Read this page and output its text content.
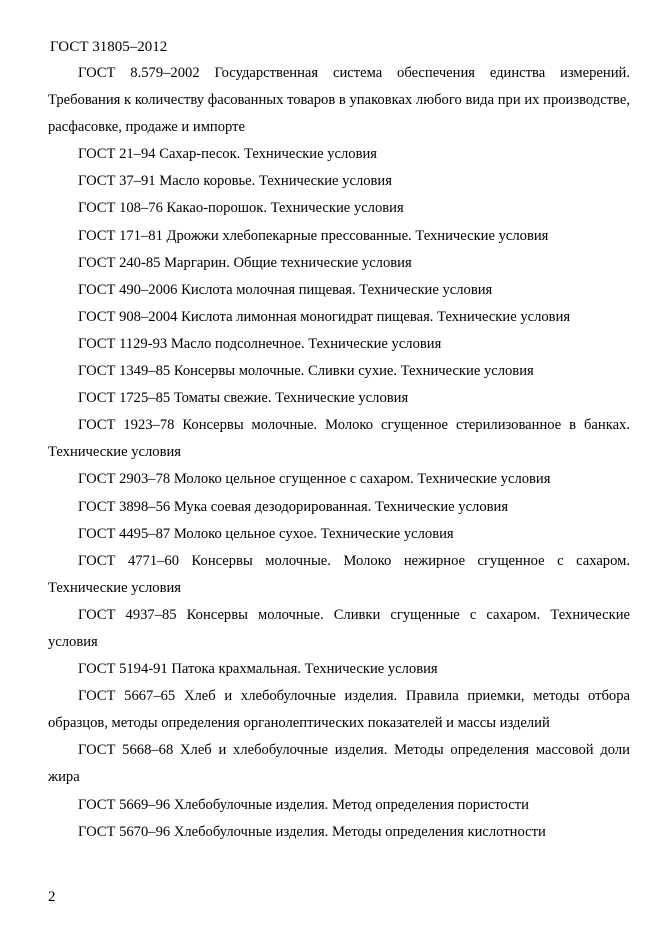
ГОСТ 31805–2012

ГОСТ 8.579–2002 Государственная система обеспечения единства измерений. Требования к количеству фасованных товаров в упаковках любого вида при их производстве, расфасовке, продаже и импорте
ГОСТ 21–94 Сахар-песок. Технические условия
ГОСТ 37–91 Масло коровье. Технические условия
ГОСТ 108–76 Какао-порошок. Технические условия
ГОСТ 171–81 Дрожжи хлебопекарные прессованные. Технические условия
ГОСТ 240-85 Маргарин. Общие технические условия
ГОСТ 490–2006 Кислота молочная пищевая. Технические условия
ГОСТ 908–2004 Кислота лимонная моногидрат пищевая. Технические условия
ГОСТ 1129-93 Масло подсолнечное. Технические условия
ГОСТ 1349–85 Консервы молочные. Сливки сухие. Технические условия
ГОСТ 1725–85 Томаты свежие. Технические условия
ГОСТ 1923–78 Консервы молочные. Молоко сгущенное стерилизованное в банках. Технические условия
ГОСТ 2903–78 Молоко цельное сгущенное с сахаром. Технические условия
ГОСТ 3898–56 Мука соевая дезодорированная. Технические условия
ГОСТ 4495–87 Молоко цельное сухое. Технические условия
ГОСТ 4771–60 Консервы молочные. Молоко нежирное сгущенное с сахаром. Технические условия
ГОСТ 4937–85 Консервы молочные. Сливки сгущенные с сахаром. Технические условия
ГОСТ 5194-91 Патока крахмальная. Технические условия
ГОСТ 5667–65 Хлеб и хлебобулочные изделия. Правила приемки, методы отбора образцов, методы определения органолептических показателей и массы изделий
ГОСТ 5668–68 Хлеб и хлебобулочные изделия. Методы определения массовой доли жира
ГОСТ 5669–96 Хлебобулочные изделия. Метод определения пористости
ГОСТ 5670–96 Хлебобулочные изделия. Методы определения кислотности

2
